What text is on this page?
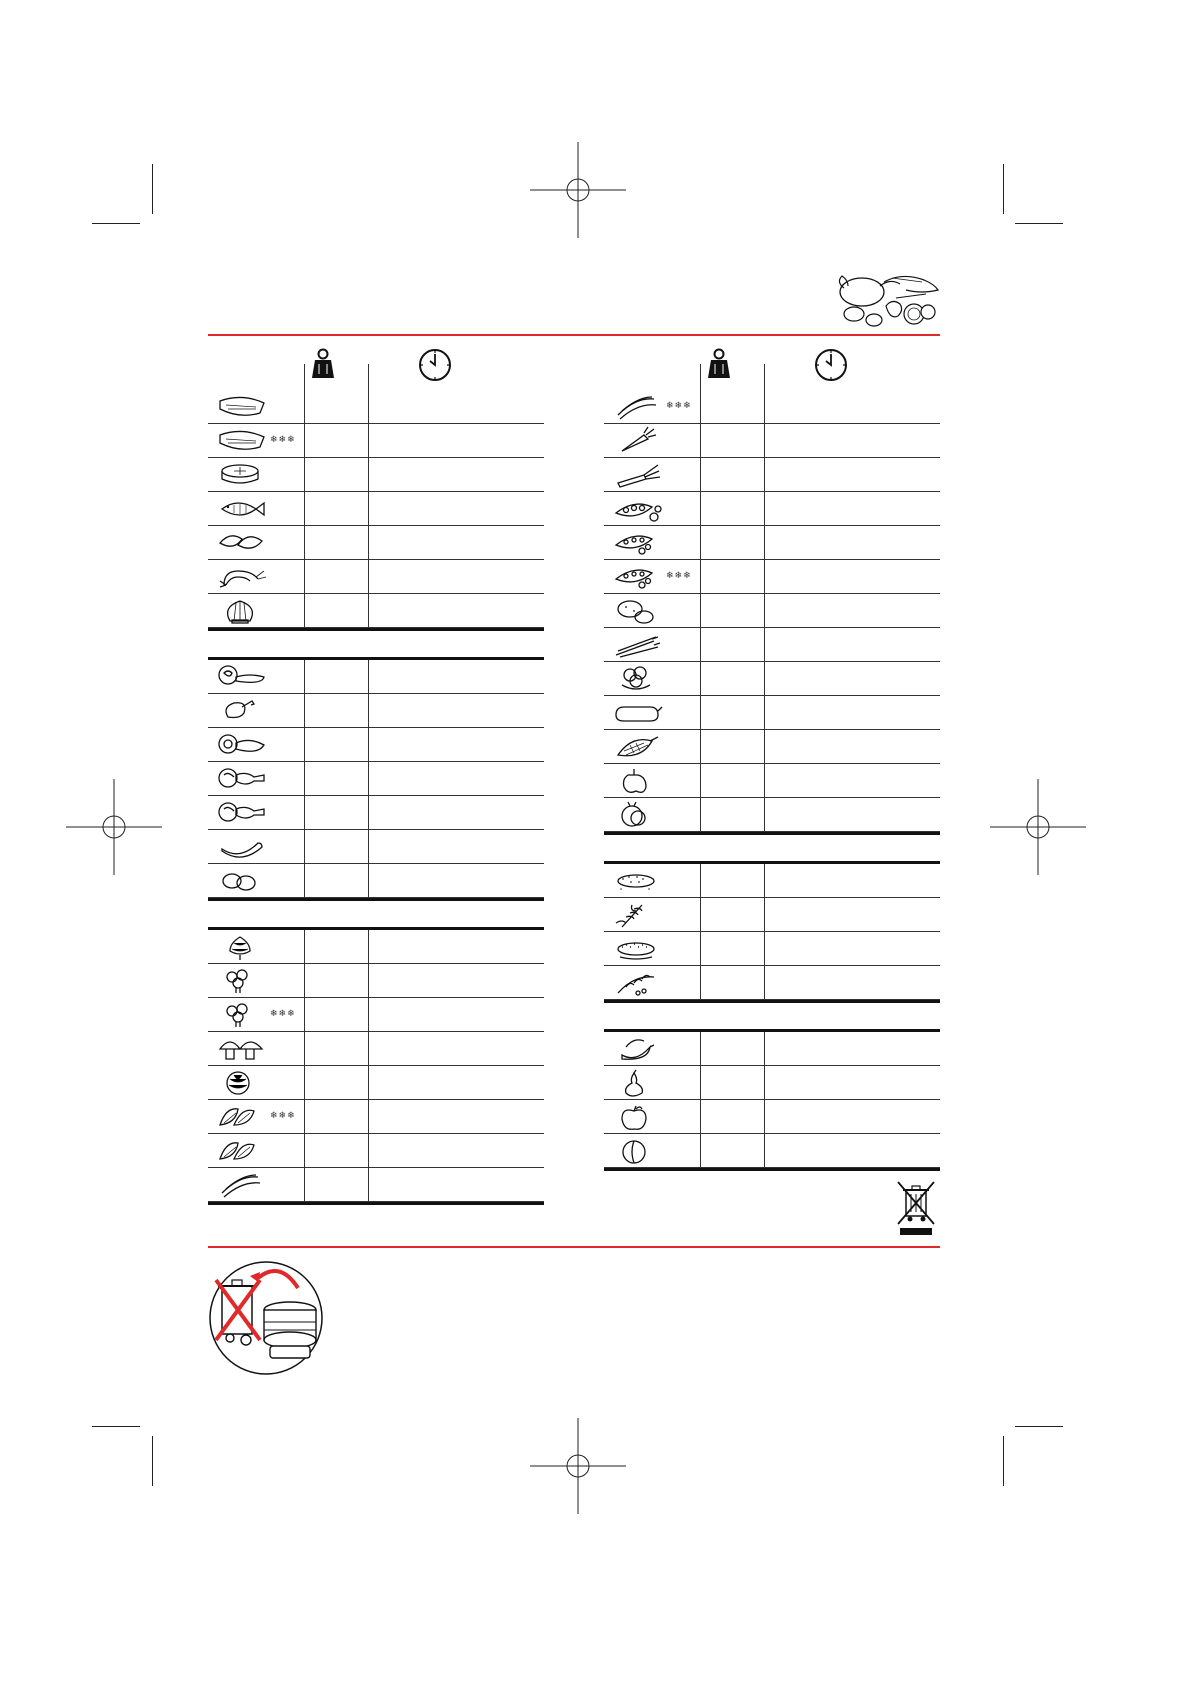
❄❄❄
❄❄❄
❄❄❄
❄❄❄
❄❄❄
